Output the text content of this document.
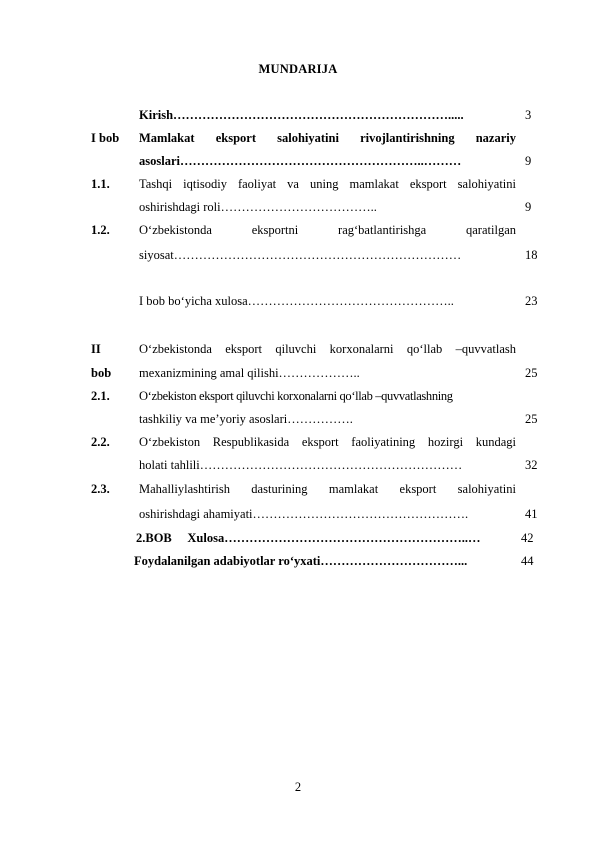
MUNDARIJA
Kirish………………………………………………………….....	3
I bob Mamlakat eksport salohiyatini rivojlantirishning nazariy
asoslari…………………………………………………..………	9
1.1. Tashqi iqtisodiy faoliyat va uning mamlakat eksport salohiyatini
oshirishdagi roli………………………………..	9
1.2. O‘zbekistonda eksportni rag‘batlantirishga qaratilgan
siyosat……………………………………………………………	18
I bob bo‘yicha xulosa…………………………………………..	23
II
bob
O‘zbekistonda eksport qiluvchi korxonalarni qo‘llab –quvvatlash
mexanizmining amal qilishi………………..	25
2.1. O‘zbekiston eksport qiluvchi korxonalarni qo‘llab –quvvatlashning
tashkiliy va me’yoriy asoslari…………….	25
2.2. O‘zbekiston Respublikasida eksport faoliyatining hozirgi kundagi
holati tahlili………………………………………………………	32
2.3. Mahalliylashtirish dasturining mamlakat eksport salohiyatini
oshirishdagi ahamiyati…………………………………………….	41
2.BOB     Xulosa…………………………………………………..…	42
Foydalanilgan adabiyotlar ro‘yxati……………………………...	44
2
